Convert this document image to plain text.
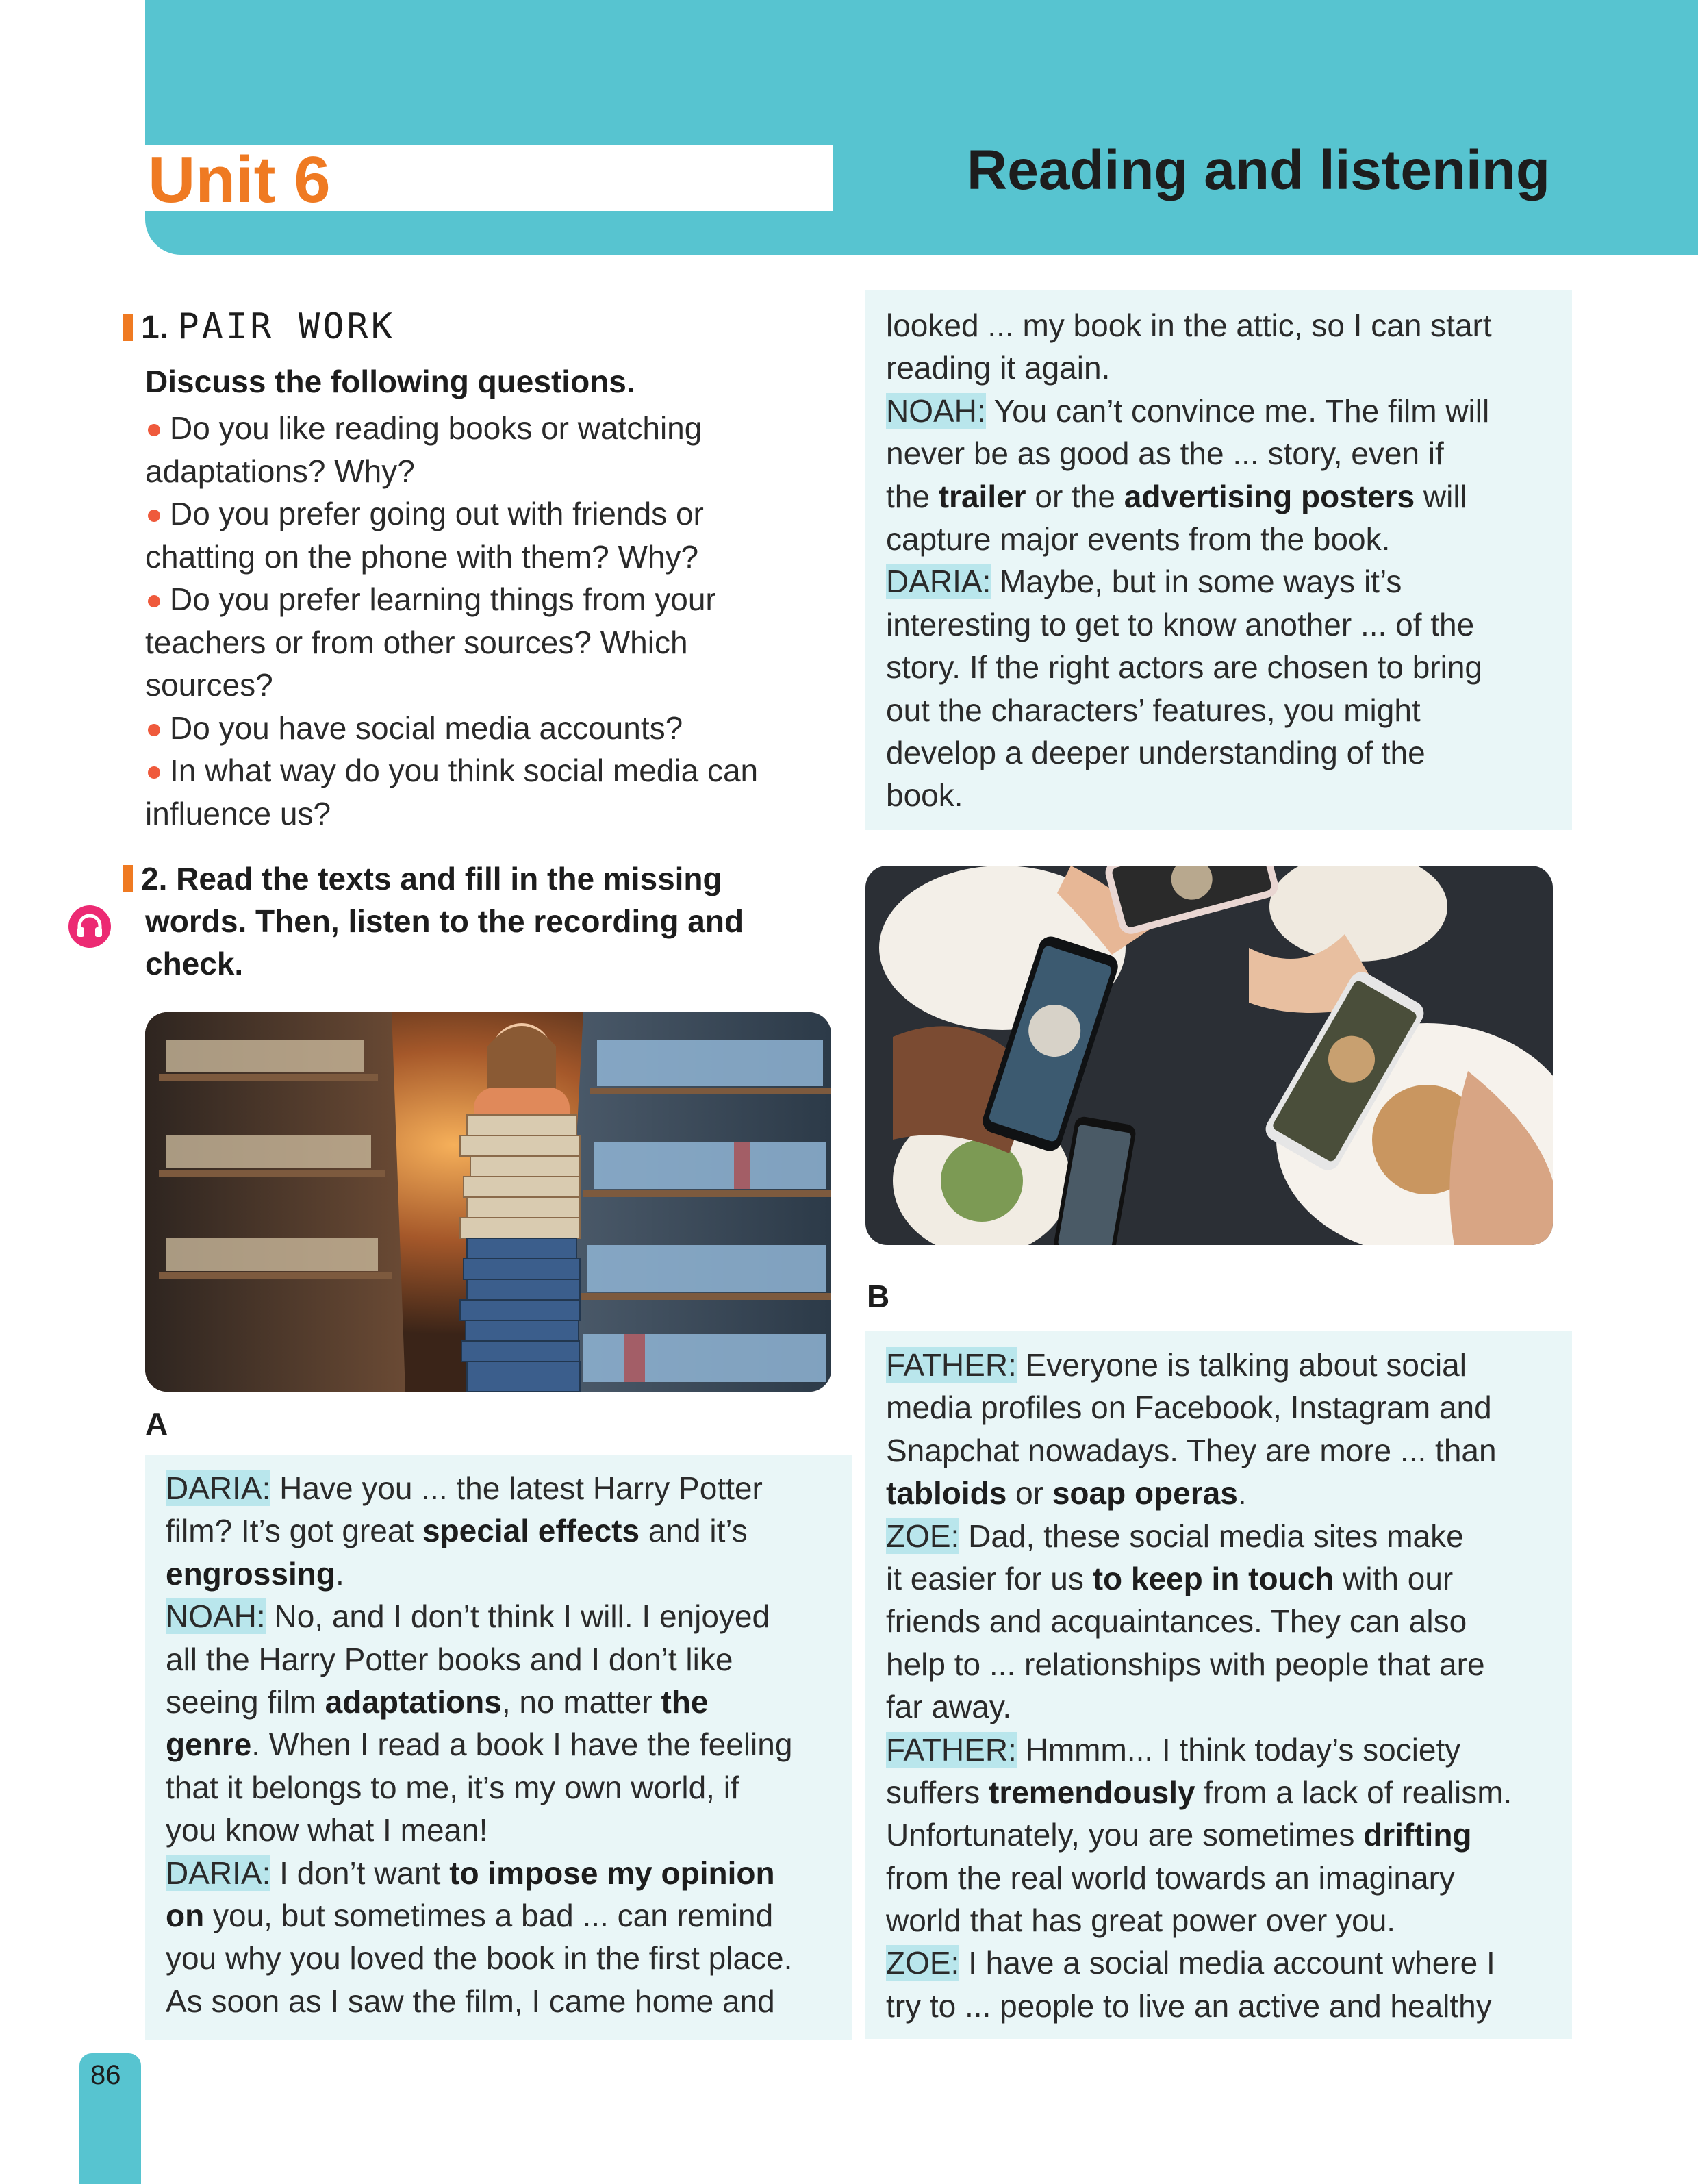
Unit 6	Reading and listening
1. PAIR WORK
Discuss the following questions.
Do you like reading books or watching
adaptations? Why?
Do you prefer going out with friends or
chatting on the phone with them? Why?
Do you prefer learning things from your
teachers or from other sources? Which
sources?
Do you have social media accounts?
In what way do you think social media can
influence us?
2. Read the texts and fill in the missing
words. Then, listen to the recording and
check.
A
DARIA: Have you ... the latest Harry Potter
film? It’s got great special effects and it’s
engrossing.
NOAH: No, and I don’t think I will. I enjoyed
all the Harry Potter books and I don’t like
seeing film adaptations, no matter the
genre. When I read a book I have the feeling
that it belongs to me, it’s my own world, if
you know what I mean!
DARIA: I don’t want to impose my opinion
on you, but sometimes a bad ... can remind
you why you loved the book in the first place.
As soon as I saw the film, I came home and
looked ... my book in the attic, so I can start
reading it again.
NOAH: You can’t convince me. The film will
never be as good as the ... story, even if
the trailer or the advertising posters will
capture major events from the book.
DARIA: Maybe, but in some ways it’s
interesting to get to know another ... of the
story. If the right actors are chosen to bring
out the characters’ features, you might
develop a deeper understanding of the
book.
B
FATHER: Everyone is talking about social
media profiles on Facebook, Instagram and
Snapchat nowadays. They are more ... than
tabloids or soap operas.
ZOE: Dad, these social media sites make
it easier for us to keep in touch with our
friends and acquaintances. They can also
help to ... relationships with people that are
far away.
FATHER: Hmmm... I think today’s society
suffers tremendously from a lack of realism.
Unfortunately, you are sometimes drifting
from the real world towards an imaginary
world that has great power over you.
ZOE: I have a social media account where I
try to ... people to live an active and healthy
86
